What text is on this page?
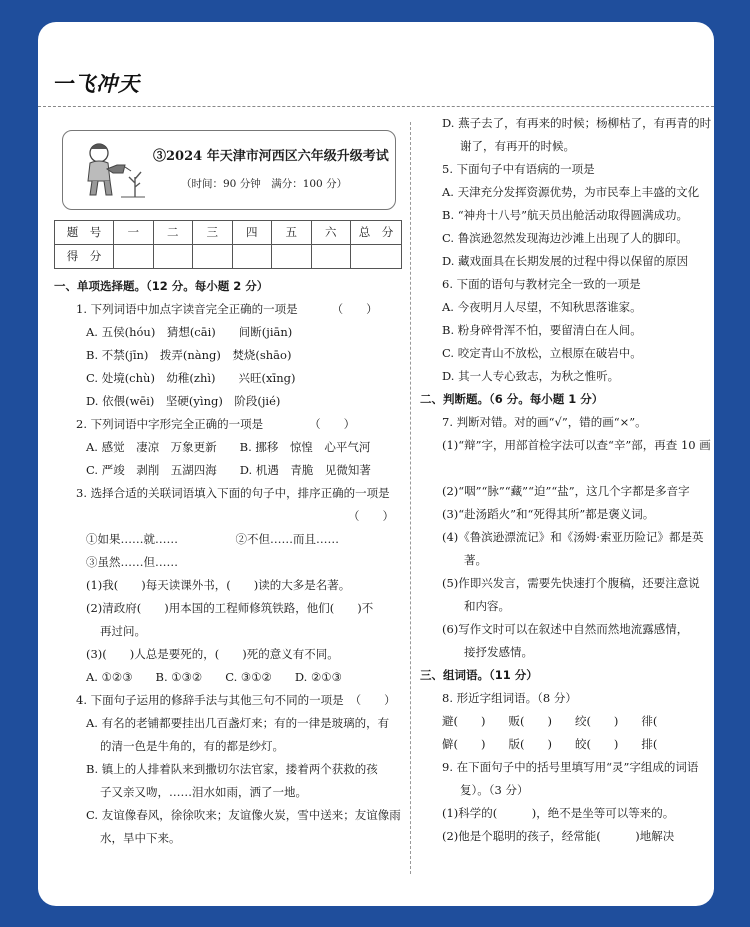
一飞冲天
③2024 年天津市河西区六年级升级考试
（时间：90 分钟　满分：100 分）
题　号	一	二	三	四	五	六	总　分
得　分							
一、单项选择题。（12 分。每小题 2 分）
1. 下列词语中加点字读音完全正确的一项是	（　　）
A. 五侯(hóu)　猜想(cāi)　　间断(jiān)
B. 不禁(jīn)　拨弄(nàng)　焚烧(shāo)
C. 处境(chù)　幼稚(zhì)　　兴旺(xīng)
D. 依偎(wēi)　坚硬(yìng)　阶段(jié)
2. 下列词语中字形完全正确的一项是	（　　）
A. 感觉　凄凉　万象更新　　B. 挪移　惊惶　心平气河
C. 严竣　剥削　五湖四海　　D. 机遇　青脆　见微知著
3. 选择合适的关联词语填入下面的句子中，排序正确的一项是
（　　）
①如果……就……　　　　　②不但……而且……
③虽然……但……
(1)我(　　)每天读课外书，(　　)读的大多是名著。
(2)清政府(　　)用本国的工程师修筑铁路，他们(　　)不
再过问。
(3)(　　)人总是要死的，(　　)死的意义有不同。
A. ①②③　　B. ①③②　　C. ③①②　　D. ②①③
4. 下面句子运用的修辞手法与其他三句不同的一项是 （　　）
A. 有名的老铺都要挂出几百盏灯来；有的一律是玻璃的，有
的清一色是牛角的，有的都是纱灯。
B. 镇上的人排着队来到撒切尔法官家，搂着两个获救的孩
子又亲又吻，……泪水如雨，洒了一地。
C. 友谊像春风，徐徐吹来；友谊像火炭，雪中送来；友谊像雨
水，旱中下来。
D. 燕子去了，有再来的时候；杨柳枯了，有再青的时
谢了，有再开的时候。
5. 下面句子中有语病的一项是
A. 天津充分发挥资源优势，为市民奉上丰盛的文化
B. “神舟十八号”航天员出舱活动取得圆满成功。
C. 鲁滨逊忽然发现海边沙滩上出现了人的脚印。
D. 藏戏面具在长期发展的过程中得以保留的原因
6. 下面的语句与教材完全一致的一项是
A. 今夜明月人尽望，不知秋思落谁家。
B. 粉身碎骨浑不怕，要留清白在人间。
C. 咬定青山不放松，立根原在破岩中。
D. 其一人专心致志，为秋之惟听。
二、判断题。（6 分。每小题 1 分）
7. 判断对错。对的画“√”，错的画“×”。
(1)“辩”字，用部首检字法可以查“辛”部，再查 10 画

(2)“咽”“脉”“藏”“迫”“盐”，这几个字都是多音字
(3)“赴汤蹈火”和“死得其所”都是褒义词。
(4)《鲁滨逊漂流记》和《汤姆·索亚历险记》都是英
著。
(5)作即兴发言，需要先快速打个腹稿，还要注意说
和内容。
(6)写作文时可以在叙述中自然而然地流露感情，
接抒发感情。
三、组词语。（11 分）
8. 形近字组词语。（8 分）
避(　　)　　贩(　　)　　绞(　　)　　徘(
僻(　　)　　版(　　)　　皎(　　)　　排(
9. 在下面句子中的括号里填写用“灵”字组成的词语
复）。（3 分）
(1)科学的(　　　)，绝不是坐等可以等来的。
(2)他是个聪明的孩子，经常能(　　　)地解决
